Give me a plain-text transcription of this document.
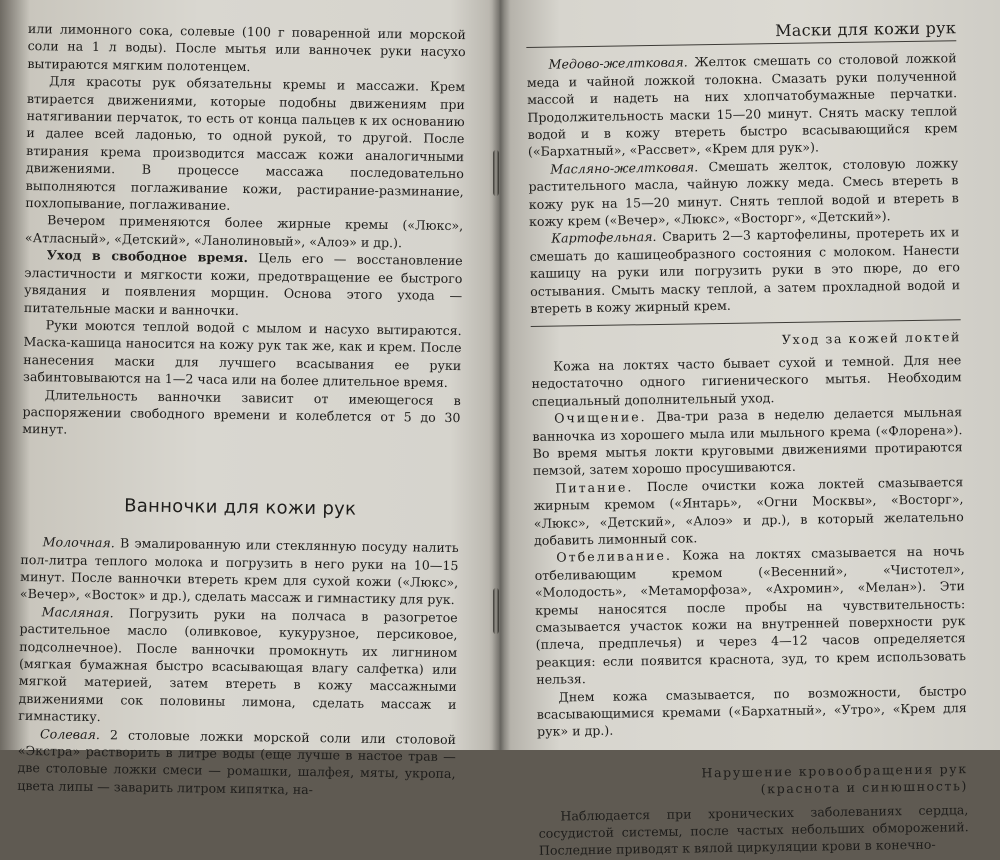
или лимонного сока, солевые (100 г поваренной или морской соли на 1 л воды). После мытья или ванночек руки насухо вытираются мягким полотенцем.

Для красоты рук обязательны кремы и массажи. Крем втирается движениями, которые подобны движениям при натягивании перчаток, то есть от конца пальцев к их основанию и далее всей ладонью, то одной рукой, то другой. После втирания крема производится массаж кожи аналогичными движениями. В процессе массажа последовательно выполняются поглаживание кожи, растирание-разминание, похлопывание, поглаживание.

Вечером применяются более жирные кремы («Люкс», «Атласный», «Детский», «Ланолиновый», «Алоэ» и др.).

Уход в свободное время. Цель его — восстановление эластичности и мягкости кожи, предотвращение ее быстрого увядания и появления морщин. Основа этого ухода — питательные маски и ванночки.

Руки моются теплой водой с мылом и насухо вытираются. Маска-кашица наносится на кожу рук так же, как и крем. После нанесения маски для лучшего всасывания ее руки забинтовываются на 1—2 часа или на более длительное время.

Длительность ванночки зависит от имеющегося в распоряжении свободного времени и колеблется от 5 до 30 минут.

Ванночки для кожи рук

Молочная. В эмалированную или стеклянную посуду налить пол-литра теплого молока и погрузить в него руки на 10—15 минут. После ванночки втереть крем для сухой кожи («Люкс», «Вечер», «Восток» и др.), сделать массаж и гимнастику для рук.

Масляная. Погрузить руки на полчаса в разогретое растительное масло (оливковое, кукурузное, персиковое, подсолнечное). После ванночки промокнуть их лигнином (мягкая бумажная быстро всасывающая влагу салфетка) или мягкой материей, затем втереть в кожу массажными движениями сок половины лимона, сделать массаж и гимнастику.

Солевая. 2 столовые ложки морской соли или столовой «Экстра» растворить в литре воды (еще лучше в настое трав — две столовые ложки смеси — ромашки, шалфея, мяты, укропа, цвета липы — заварить литром кипятка, на-

Маски для кожи рук

Медово-желтковая. Желток смешать со столовой ложкой меда и чайной ложкой толокна. Смазать руки полученной массой и надеть на них хлопчатобумажные перчатки. Продолжительность маски 15—20 минут. Снять маску теплой водой и в кожу втереть быстро всасывающийся крем («Бархатный», «Рассвет», «Крем для рук»).

Масляно-желтковая. Смешать желток, столовую ложку растительного масла, чайную ложку меда. Смесь втереть в кожу рук на 15—20 минут. Снять теплой водой и втереть в кожу крем («Вечер», «Люкс», «Восторг», «Детский»).

Картофельная. Сварить 2—3 картофелины, протереть их и смешать до кашицеобразного состояния с молоком. Нанести кашицу на руки или погрузить руки в это пюре, до его остывания. Смыть маску теплой, а затем прохладной водой и втереть в кожу жирный крем.

Уход за кожей локтей

Кожа на локтях часто бывает сухой и темной. Для нее недостаточно одного гигиенического мытья. Необходим специальный дополнительный уход.

Очищение. Два-три раза в неделю делается мыльная ванночка из хорошего мыла или мыльного крема («Флорена»). Во время мытья локти круговыми движениями протираются пемзой, затем хорошо просушиваются.

Питание. После очистки кожа локтей смазывается жирным кремом («Янтарь», «Огни Москвы», «Восторг», «Люкс», «Детский», «Алоэ» и др.), в который желательно добавить лимонный сок.

Отбеливание. Кожа на локтях смазывается на ночь отбеливающим кремом («Весенний», «Чистотел», «Молодость», «Метаморфоза», «Ахромин», «Мелан»). Эти кремы наносятся после пробы на чувствительность: смазывается участок кожи на внутренней поверхности рук (плеча, предплечья) и через 4—12 часов определяется реакция: если появится краснота, зуд, то крем использовать нельзя.

Днем кожа смазывается, по возможности, быстро всасывающимися кремами («Бархатный», «Утро», «Крем для рук» и др.).

Нарушение кровообращения рук
(краснота и синюшность)

Наблюдается при хронических заболеваниях сердца, сосудистой системы, после частых небольших обморожений. Последние приводят к вялой циркуляции крови в конечно-
